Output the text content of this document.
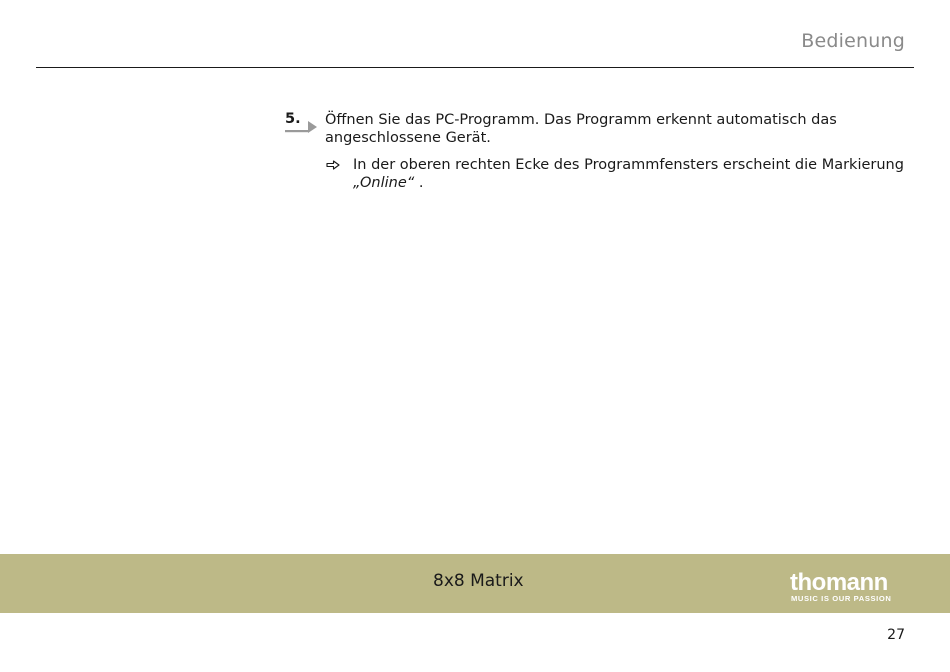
Bedienung
5. Öffnen Sie das PC-Programm. Das Programm erkennt automatisch das angeschlossene Gerät.
In der oberen rechten Ecke des Programmfensters erscheint die Markierung
„Online“ .
8x8 Matrix	thomann
MUSIC IS OUR PASSION
27
